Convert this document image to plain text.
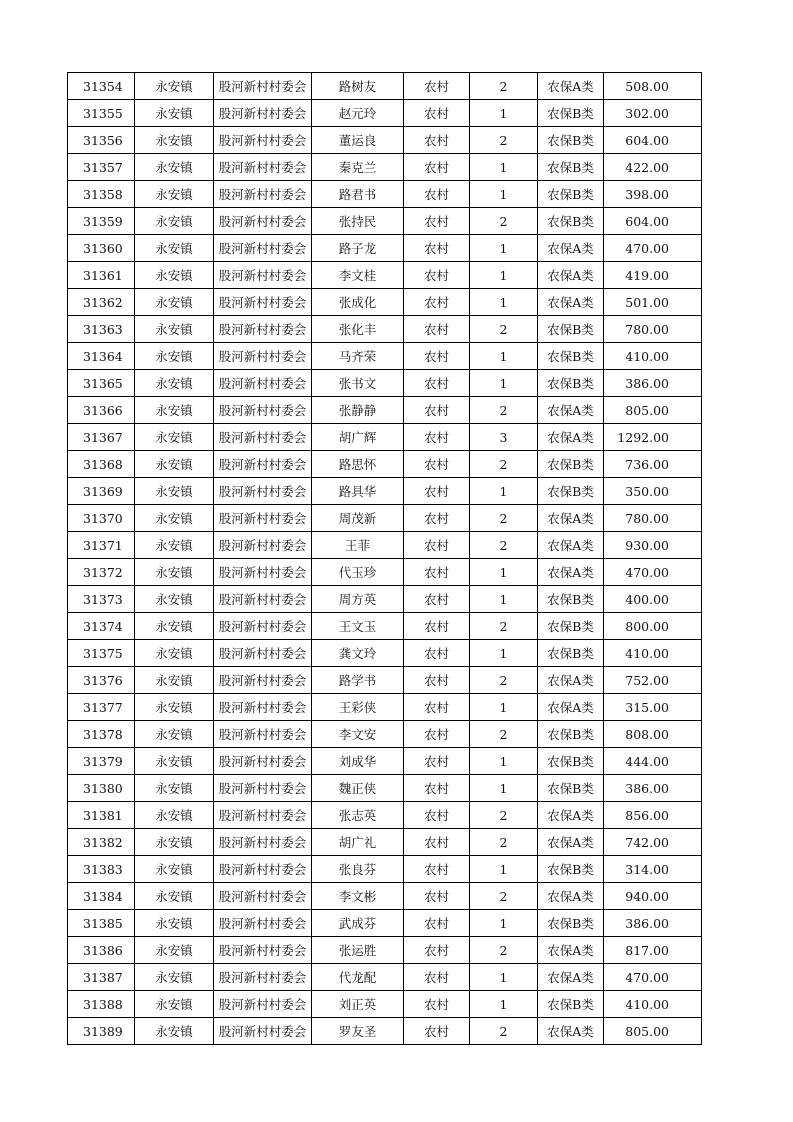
31354	永安镇	股河新村村委会	路树友	农村	2	农保A类	508.00
31355	永安镇	股河新村村委会	赵元玲	农村	1	农保B类	302.00
31356	永安镇	股河新村村委会	董运良	农村	2	农保B类	604.00
31357	永安镇	股河新村村委会	秦克兰	农村	1	农保B类	422.00
31358	永安镇	股河新村村委会	路君书	农村	1	农保B类	398.00
31359	永安镇	股河新村村委会	张持民	农村	2	农保B类	604.00
31360	永安镇	股河新村村委会	路子龙	农村	1	农保A类	470.00
31361	永安镇	股河新村村委会	李文桂	农村	1	农保A类	419.00
31362	永安镇	股河新村村委会	张成化	农村	1	农保A类	501.00
31363	永安镇	股河新村村委会	张化丰	农村	2	农保B类	780.00
31364	永安镇	股河新村村委会	马齐荣	农村	1	农保B类	410.00
31365	永安镇	股河新村村委会	张书文	农村	1	农保B类	386.00
31366	永安镇	股河新村村委会	张静静	农村	2	农保A类	805.00
31367	永安镇	股河新村村委会	胡广辉	农村	3	农保A类	1292.00
31368	永安镇	股河新村村委会	路思怀	农村	2	农保B类	736.00
31369	永安镇	股河新村村委会	路具华	农村	1	农保B类	350.00
31370	永安镇	股河新村村委会	周茂新	农村	2	农保A类	780.00
31371	永安镇	股河新村村委会	王菲	农村	2	农保A类	930.00
31372	永安镇	股河新村村委会	代玉珍	农村	1	农保A类	470.00
31373	永安镇	股河新村村委会	周方英	农村	1	农保B类	400.00
31374	永安镇	股河新村村委会	王文玉	农村	2	农保B类	800.00
31375	永安镇	股河新村村委会	龚文玲	农村	1	农保B类	410.00
31376	永安镇	股河新村村委会	路学书	农村	2	农保A类	752.00
31377	永安镇	股河新村村委会	王彩侠	农村	1	农保A类	315.00
31378	永安镇	股河新村村委会	李文安	农村	2	农保B类	808.00
31379	永安镇	股河新村村委会	刘成华	农村	1	农保B类	444.00
31380	永安镇	股河新村村委会	魏正侠	农村	1	农保B类	386.00
31381	永安镇	股河新村村委会	张志英	农村	2	农保A类	856.00
31382	永安镇	股河新村村委会	胡广礼	农村	2	农保A类	742.00
31383	永安镇	股河新村村委会	张良芬	农村	1	农保B类	314.00
31384	永安镇	股河新村村委会	李文彬	农村	2	农保A类	940.00
31385	永安镇	股河新村村委会	武成芬	农村	1	农保B类	386.00
31386	永安镇	股河新村村委会	张运胜	农村	2	农保A类	817.00
31387	永安镇	股河新村村委会	代龙配	农村	1	农保A类	470.00
31388	永安镇	股河新村村委会	刘正英	农村	1	农保B类	410.00
31389	永安镇	股河新村村委会	罗友圣	农村	2	农保A类	805.00
